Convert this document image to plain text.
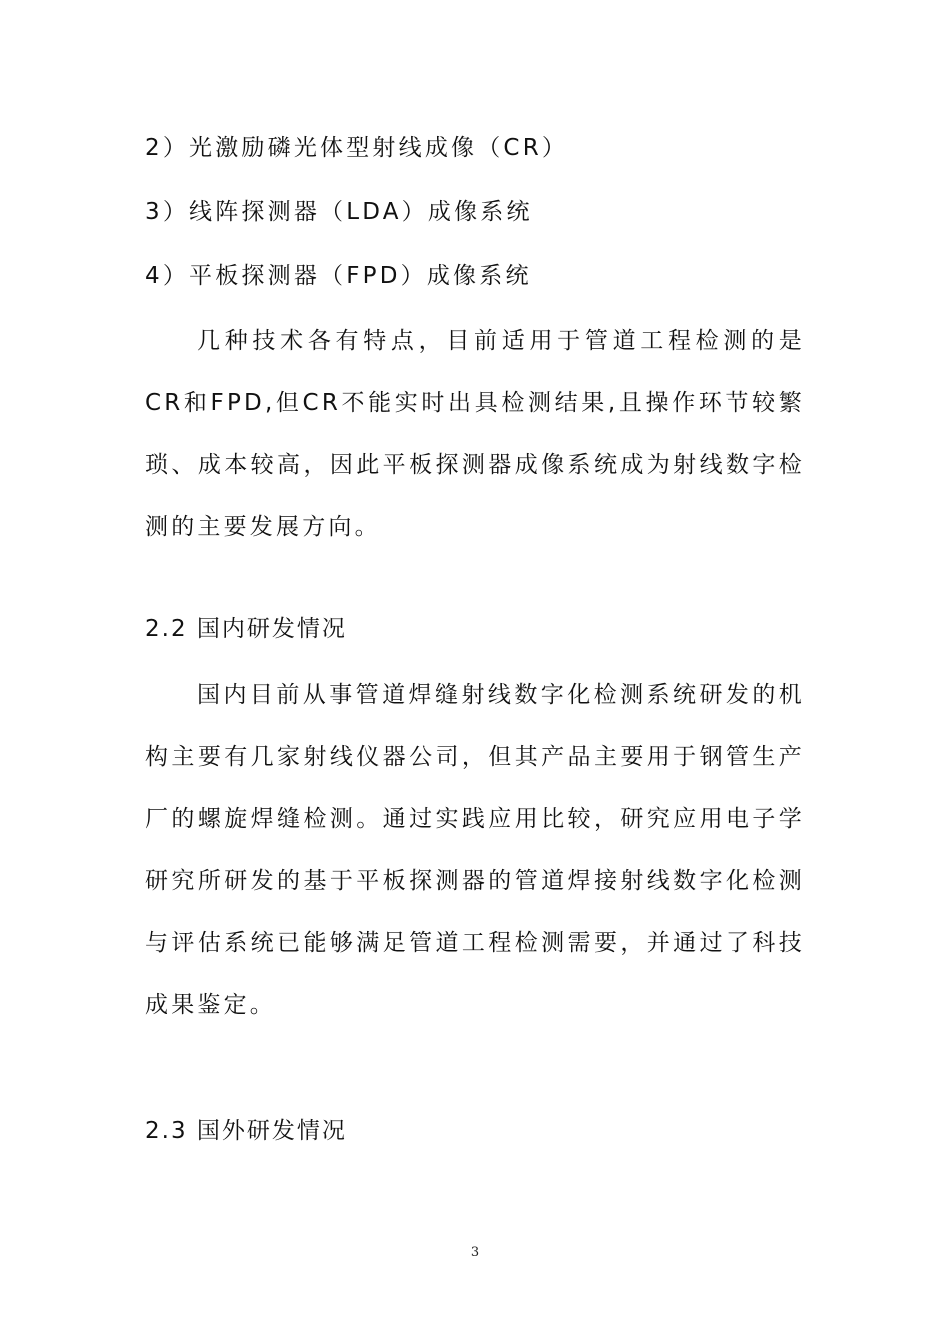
2）光激励磷光体型射线成像（CR）
3）线阵探测器（LDA）成像系统
4）平板探测器（FPD）成像系统

几种技术各有特点，目前适用于管道工程检测的是CR和FPD,但CR不能实时出具检测结果,且操作环节较繁琐、成本较高，因此平板探测器成像系统成为射线数字检测的主要发展方向。

2.2 国内研发情况

国内目前从事管道焊缝射线数字化检测系统研发的机构主要有几家射线仪器公司，但其产品主要用于钢管生产厂的螺旋焊缝检测。通过实践应用比较，研究应用电子学研究所研发的基于平板探测器的管道焊接射线数字化检测与评估系统已能够满足管道工程检测需要，并通过了科技成果鉴定。

2.3 国外研发情况
3
